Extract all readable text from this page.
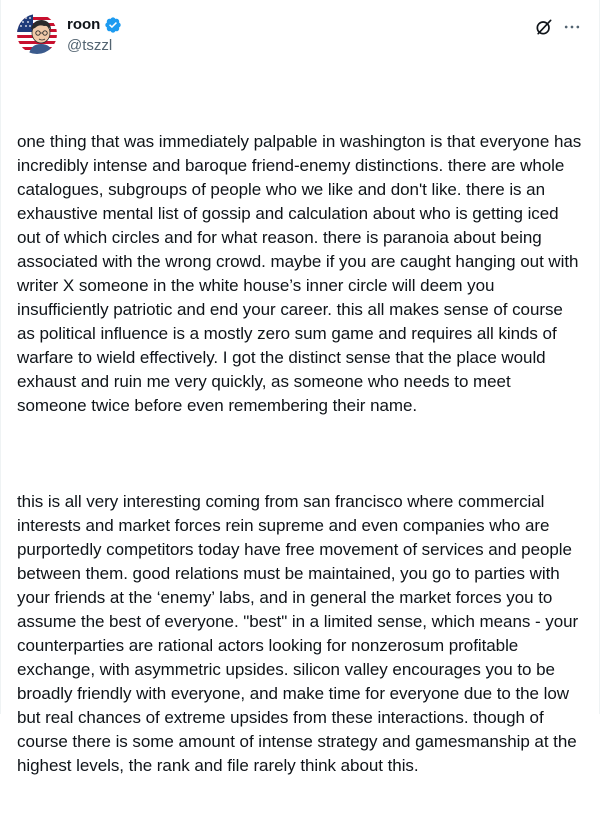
roon
@tszzl

one thing that was immediately palpable in washington is that everyone has incredibly intense and baroque friend-enemy distinctions. there are whole catalogues, subgroups of people who we like and don't like. there is an exhaustive mental list of gossip and calculation about who is getting iced out of which circles and for what reason. there is paranoia about being associated with the wrong crowd. maybe if you are caught hanging out with writer X someone in the white house’s inner circle will deem you insufficiently patriotic and end your career. this all makes sense of course as political influence is a mostly zero sum game and requires all kinds of warfare to wield effectively. I got the distinct sense that the place would exhaust and ruin me very quickly, as someone who needs to meet someone twice before even remembering their name.

this is all very interesting coming from san francisco where commercial interests and market forces rein supreme and even companies who are purportedly competitors today have free movement of services and people between them. good relations must be maintained, you go to parties with your friends at the ‘enemy’ labs, and in general the market forces you to assume the best of everyone. "best" in a limited sense, which means - your counterparties are rational actors looking for nonzerosum profitable exchange, with asymmetric upsides. silicon valley encourages you to be broadly friendly with everyone, and make time for everyone due to the low but real chances of extreme upsides from these interactions. though of course there is some amount of intense strategy and gamesmanship at the highest levels, the rank and file rarely think about this.
